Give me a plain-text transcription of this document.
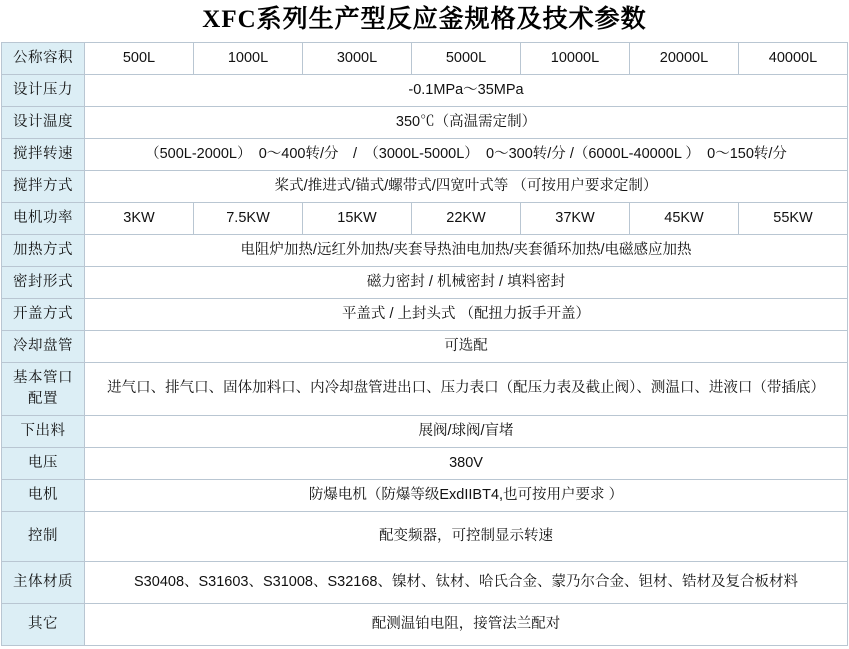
XFC系列生产型反应釜规格及技术参数
公称容积	500L	1000L	3000L	5000L	10000L	20000L	40000L
设计压力	-0.1MPa～35MPa						
设计温度	350℃（高温需定制）						
搅拌转速	（500L-2000L）　0～400转/分　/　（3000L-5000L）　0～300转/分 /（6000L-40000L ）　0～150转/分						
搅拌方式	桨式/推进式/锚式/螺带式/四宽叶式等 （可按用户要求定制）						
电机功率	3KW	7.5KW	15KW	22KW	37KW	45KW	55KW
加热方式	电阻炉加热/远红外加热/夹套导热油电加热/夹套循环加热/电磁感应加热						
密封形式	磁力密封 / 机械密封 / 填料密封						
开盖方式	平盖式 / 上封头式 （配扭力扳手开盖）						
冷却盘管	可选配						
基本管口配置	进气口、排气口、固体加料口、内冷却盘管进出口、压力表口（配压力表及截止阀）、测温口、进液口（带插底）						
下出料	展阀/球阀/盲堵						
电压	380V						
电机	防爆电机（防爆等级ExdIIBT4,也可按用户要求 ）						
控制	配变频器，可控制显示转速						
主体材质	S30408、S31603、S31008、S32168、镍材、钛材、哈氏合金、蒙乃尔合金、钽材、锆材及复合板材料						
其它	配测温铂电阻，接管法兰配对						
